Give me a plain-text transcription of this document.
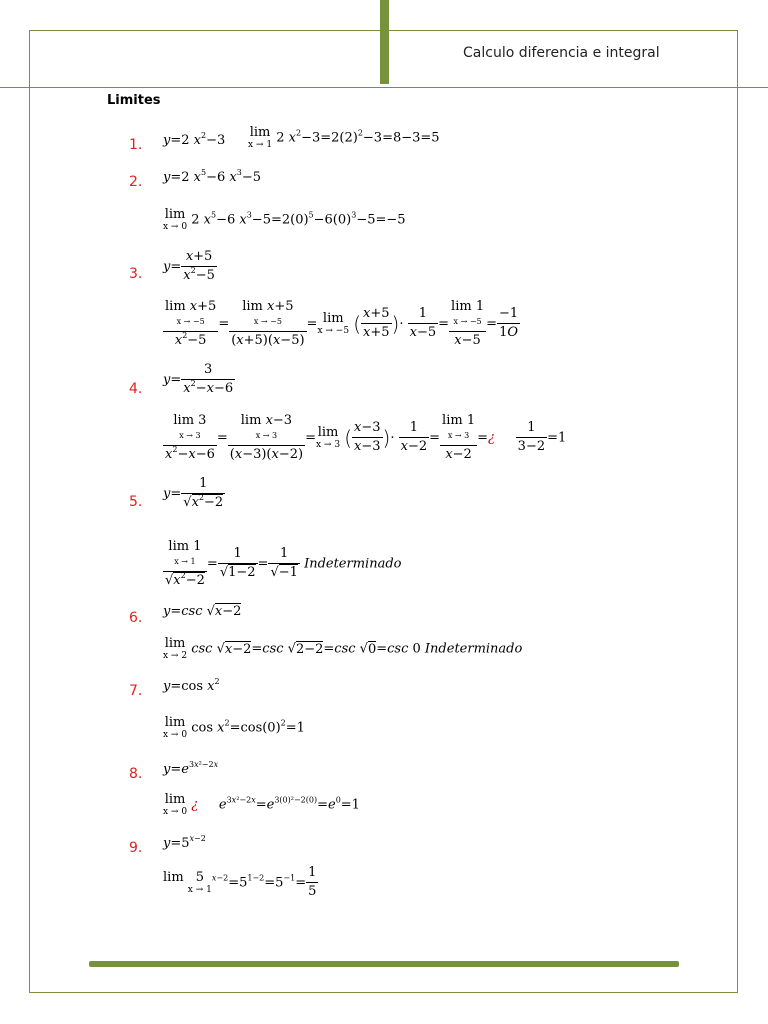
Calculo diferencia e integral
Limites
1.
2.
3.
4.
5.
6.
7.
8.
9.
y=2 $x^2-3$
lim
x → 1 2 $x^2-3=2(2)^2-3=8-3=5$
y=2 $x^5-6$ $x^3-5$
lim
x → 0 2 $x^5-6$ $x^3-5=2(0)^5-6(0)^3-5=-5$
$y= \frac{x+5}{x^2-5}$
lim x+5
x → −5
$x^2-5$
=
lim x+5
x → −5
(x+5)(x−5)
= lim
x → −5 ( $\frac{x+5}{x+5}$ )· $\frac{1}{x-5}$ =
lim 1
x → −5
x−5
= $\frac{-1}{1O}$
$y= \frac{3}{x^2-x-6}$
lim 3
x → 3
$x^2-x-6$
=
lim x−3
x → 3
(x−3)(x−2)
= lim
x → 3 ( $\frac{x-3}{x-3}$ )· $\frac{1}{x-2}$ =
lim 1
x → 3
x−2
=¿ $\frac{1}{3-2} =1$
$y= \frac{1}{√x^2-2}$
lim 1
x → 1
$√x^2-2$
= $\frac{1}{√1-2} = \frac{1}{√-1}$ Indeterminado
y=csc √x−2
lim
x → 2 csc √x−2=csc √2−2=csc √0=csc 0 Indeterminado
y=cos $x^2$
lim
x → 0 $\cos x^2=\cos(0)^2=1$
$y=e^{3x^2-2x}$
lim
x → 0 ¿ $e^{3x^2-2x}=e^{3(0)^2-2(0)}=e^0=1$
$y=5^{x-2}$
lim
5
x → 1
$^{x-2}=5^{1-2}=5^{-1}= \frac{1}{5}$
